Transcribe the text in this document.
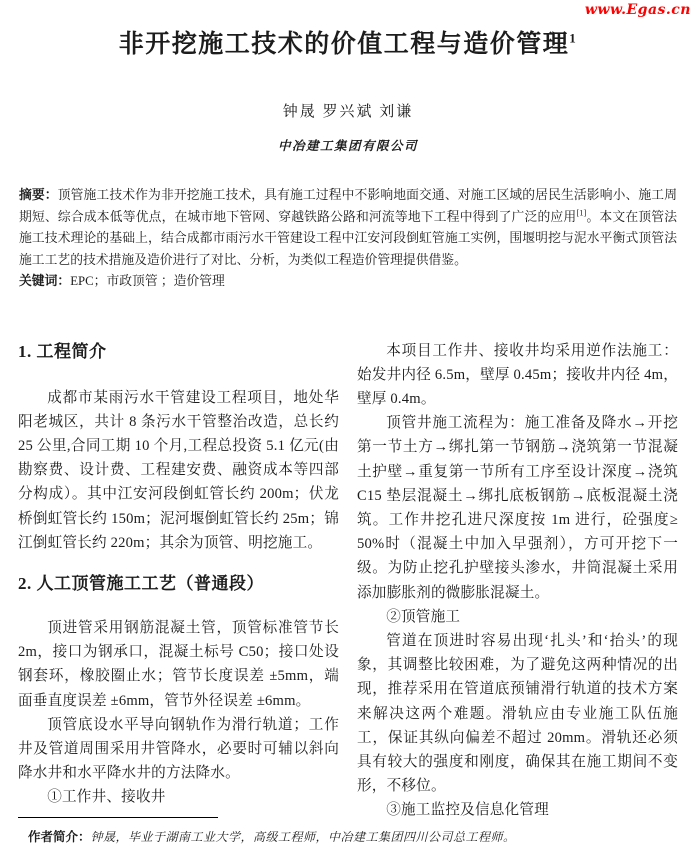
www.Egas.cn
非开挖施工技术的价值工程与造价管理$^1$
钟晟 罗兴斌 刘谦
中冶建工集团有限公司

摘要：顶管施工技术作为非开挖施工技术，具有施工过程中不影响地面交通、对施工区域的居民生活影响小、施工周期短、综合成本低等优点，在城市地下管网、穿越铁路公路和河流等地下工程中得到了广泛的应用[1]。本文在顶管法施工技术理论的基础上，结合成都市雨污水干管建设工程中江安河段倒虹管施工实例，围堰明挖与泥水平衡式顶管法施工工艺的技术措施及造价进行了对比、分析，为类似工程造价管理提供借鉴。

关键词：EPC；市政顶管 ；造价管理

1. 工程简介

成都市某雨污水干管建设工程项目，地处华阳老城区，共计 8 条污水干管整治改造，总长约 25 公里,合同工期 10 个月,工程总投资 5.1 亿元(由勘察费、设计费、工程建安费、融资成本等四部分构成）。其中江安河段倒虹管长约 200m；伏龙桥倒虹管长约 150m；泥河堰倒虹管长约 25m；锦江倒虹管长约 220m；其余为顶管、明挖施工。

2. 人工顶管施工工艺（普通段）

顶进管采用钢筋混凝土管，顶管标准管节长 2m，接口为钢承口，混凝土标号 C50；接口处设钢套环，橡胶圈止水；管节长度误差 ±5mm，端面垂直度误差 ±6mm，管节外径误差 ±6mm。

顶管底设水平导向钢轨作为滑行轨道；工作井及管道周围采用井管降水，必要时可辅以斜向降水井和水平降水井的方法降水。

①工作井、接收井

本项目工作井、接收井均采用逆作法施工：始发井内径 6.5m，壁厚 0.45m；接收井内径 4m，壁厚 0.4m。

顶管井施工流程为：施工准备及降水→开挖第一节土方→绑扎第一节钢筋→浇筑第一节混凝土护壁→重复第一节所有工序至设计深度→浇筑 C15 垫层混凝土→绑扎底板钢筋→底板混凝土浇筑。工作井挖孔进尺深度按 1m 进行，砼强度≥ 50%时（混凝土中加入早强剂），方可开挖下一级。为防止挖孔护壁接头渗水，井筒混凝土采用添加膨胀剂的微膨胀混凝土。

②顶管施工

管道在顶进时容易出现‘扎头’和‘抬头’的现象，其调整比较困难，为了避免这两种情况的出现，推荐采用在管道底预铺滑行轨道的技术方案来解决这两个难题。滑轨应由专业施工队伍施工，保证其纵向偏差不超过 20mm。滑轨还必须具有较大的强度和刚度，确保其在施工期间不变形，不移位。

③施工监控及信息化管理

作者简介：钟晟，毕业于湖南工业大学，高级工程师，中冶建工集团四川公司总工程师。
